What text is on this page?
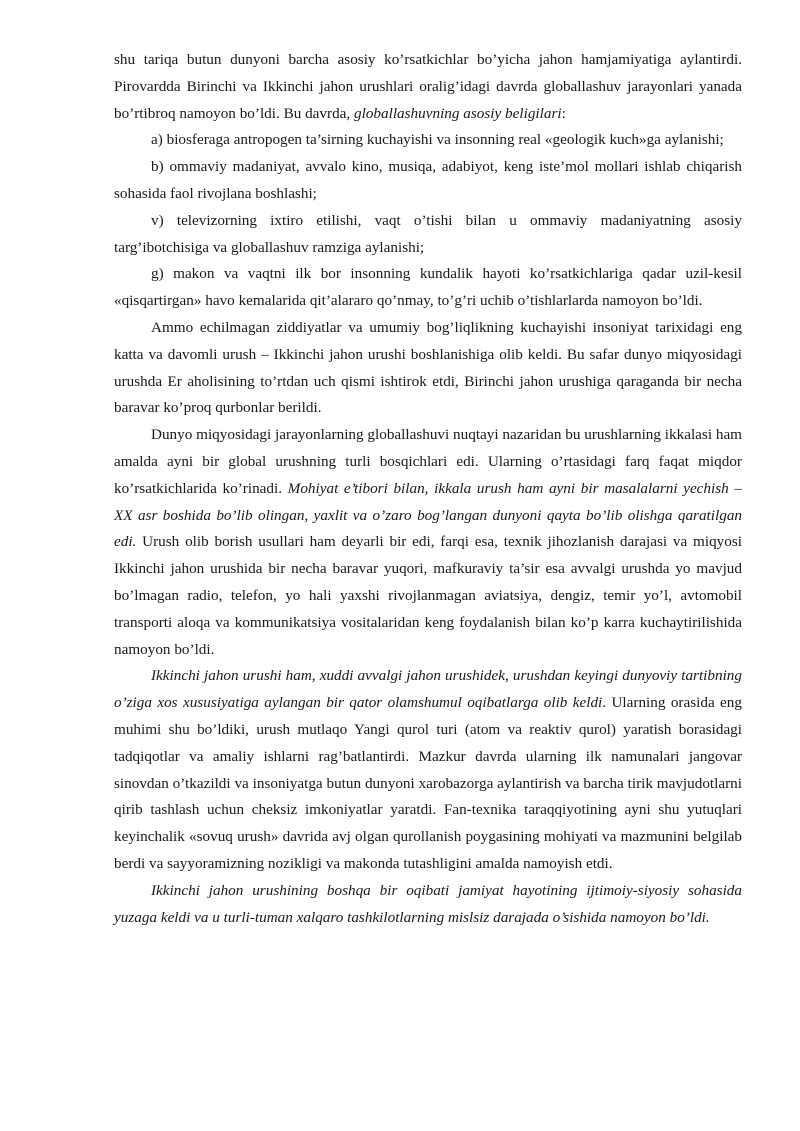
shu tariqa butun dunyoni barcha asosiy ko’rsatkichlar bo’yicha jahon hamjamiyatiga aylantirdi. Pirovardda Birinchi va Ikkinchi jahon urushlari oralig’idagi davrda globallashuv jarayonlari yanada bo’rtibroq namoyon bo’ldi. Bu davrda, globallashuvning asosiy beligilari:

a) biosferaga antropogen ta’sirning kuchayishi va insonning real «geologik kuch»ga aylanishi;

b) ommaviy madaniyat, avvalo kino, musiqa, adabiyot, keng iste’mol mollari ishlab chiqarish sohasida faol rivojlana boshlashi;

v) televizorning ixtiro etilishi, vaqt o’tishi bilan u ommaviy madaniyatning asosiy targ’ibotchisiga va globallashuv ramziga aylanishi;

g) makon va vaqtni ilk bor insonning kundalik hayoti ko’rsatkichlariga qadar uzil-kesil «qisqartirgan» havo kemalarida qit’alararo qo’nmay, to’g’ri uchib o’tishlarlarda namoyon bo’ldi.

Ammo echilmagan ziddiyatlar va umumiy bog’liqlikning kuchayishi insoniyat tarixidagi eng katta va davomli urush – Ikkinchi jahon urushi boshlanishiga olib keldi. Bu safar dunyo miqyosidagi urushda Er aholisining to’rtdan uch qismi ishtirok etdi, Birinchi jahon urushiga qaraganda bir necha baravar ko’proq qurbonlar berildi.

Dunyo miqyosidagi jarayonlarning globallashuvi nuqtayi nazaridan bu urushlarning ikkalasi ham amalda ayni bir global urushning turli bosqichlari edi. Ularning o’rtasidagi farq faqat miqdor ko’rsatkichlarida ko’rinadi. Mohiyat e’tibori bilan, ikkala urush ham ayni bir masalalarni yechish – XX asr boshida bo’lib olingan, yaxlit va o’zaro bog’langan dunyoni qayta bo’lib olishga qaratilgan edi. Urush olib borish usullari ham deyarli bir edi, farqi esa, texnik jihozlanish darajasi va miqyosi Ikkinchi jahon urushida bir necha baravar yuqori, mafkuraviy ta’sir esa avvalgi urushda yo mavjud bo’lmagan radio, telefon, yo hali yaxshi rivojlanmagan aviatsiya, dengiz, temir yo’l, avtomobil transporti aloqa va kommunikatsiya vositalaridan keng foydalanish bilan ko’p karra kuchaytirilishida namoyon bo’ldi.

Ikkinchi jahon urushi ham, xuddi avvalgi jahon urushidek, urushdan keyingi dunyoviy tartibning o’ziga xos xususiyatiga aylangan bir qator olamshumul oqibatlarga olib keldi. Ularning orasida eng muhimi shu bo’ldiki, urush mutlaqo Yangi qurol turi (atom va reaktiv qurol) yaratish borasidagi tadqiqotlar va amaliy ishlarni rag’batlantirdi. Mazkur davrda ularning ilk namunalari jangovar sinovdan o’tkazildi va insoniyatga butun dunyoni xarobazorga aylantirish va barcha tirik mavjudotlarni qirib tashlash uchun cheksiz imkoniyatlar yaratdi. Fan-texnika taraqqiyotining ayni shu yutuqlari keyinchalik «sovuq urush» davrida avj olgan qurollanish poygasining mohiyati va mazmunini belgilab berdi va sayyoramizning nozikligi va makonda tutashligini amalda namoyish etdi.

Ikkinchi jahon urushining boshqa bir oqibati jamiyat hayotining ijtimoiy-siyosiy sohasida yuzaga keldi va u turli-tuman xalqaro tashkilotlarning mislsiz darajada o’sishida namoyon bo’ldi.
